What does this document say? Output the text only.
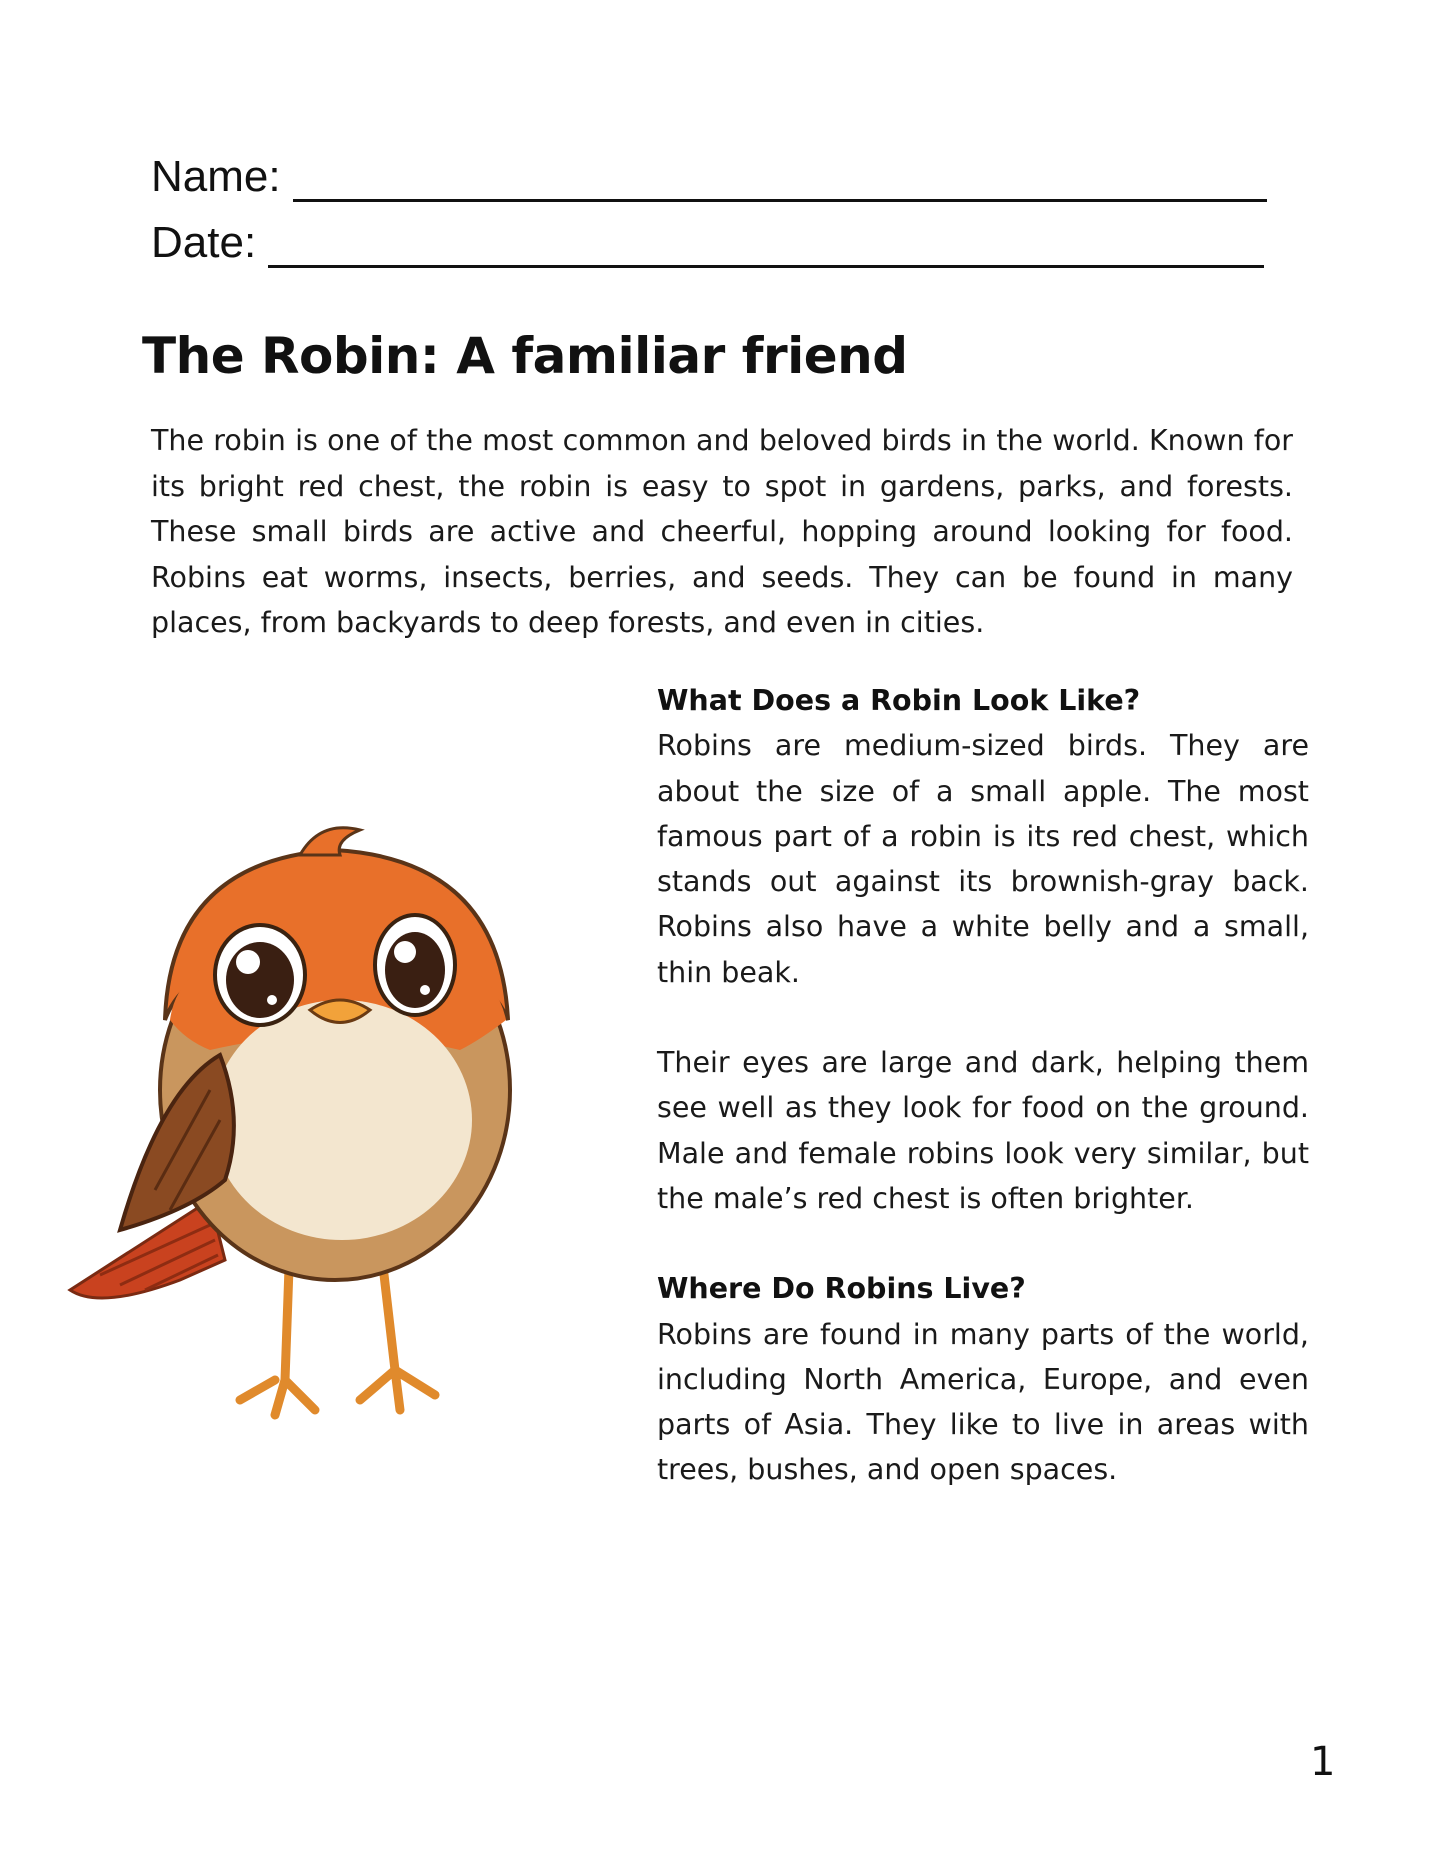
Name:
Date:
The Robin: A familiar friend

The robin is one of the most common and beloved birds in the world. Known for its bright red chest, the robin is easy to spot in gardens, parks, and forests. These small birds are active and cheerful, hopping around looking for food. Robins eat worms, insects, berries, and seeds. They can be found in many places, from backyards to deep forests, and even in cities.

What Does a Robin Look Like?

Robins are medium-sized birds. They are about the size of a small apple. The most famous part of a robin is its red chest, which stands out against its brownish-gray back. Robins also have a white belly and a small, thin beak.

Their eyes are large and dark, helping them see well as they look for food on the ground. Male and female robins look very similar, but the male’s red chest is often brighter.

Where Do Robins Live?

Robins are found in many parts of the world, including North America, Europe, and even parts of Asia. They like to live in areas with trees, bushes, and open spaces.

1
